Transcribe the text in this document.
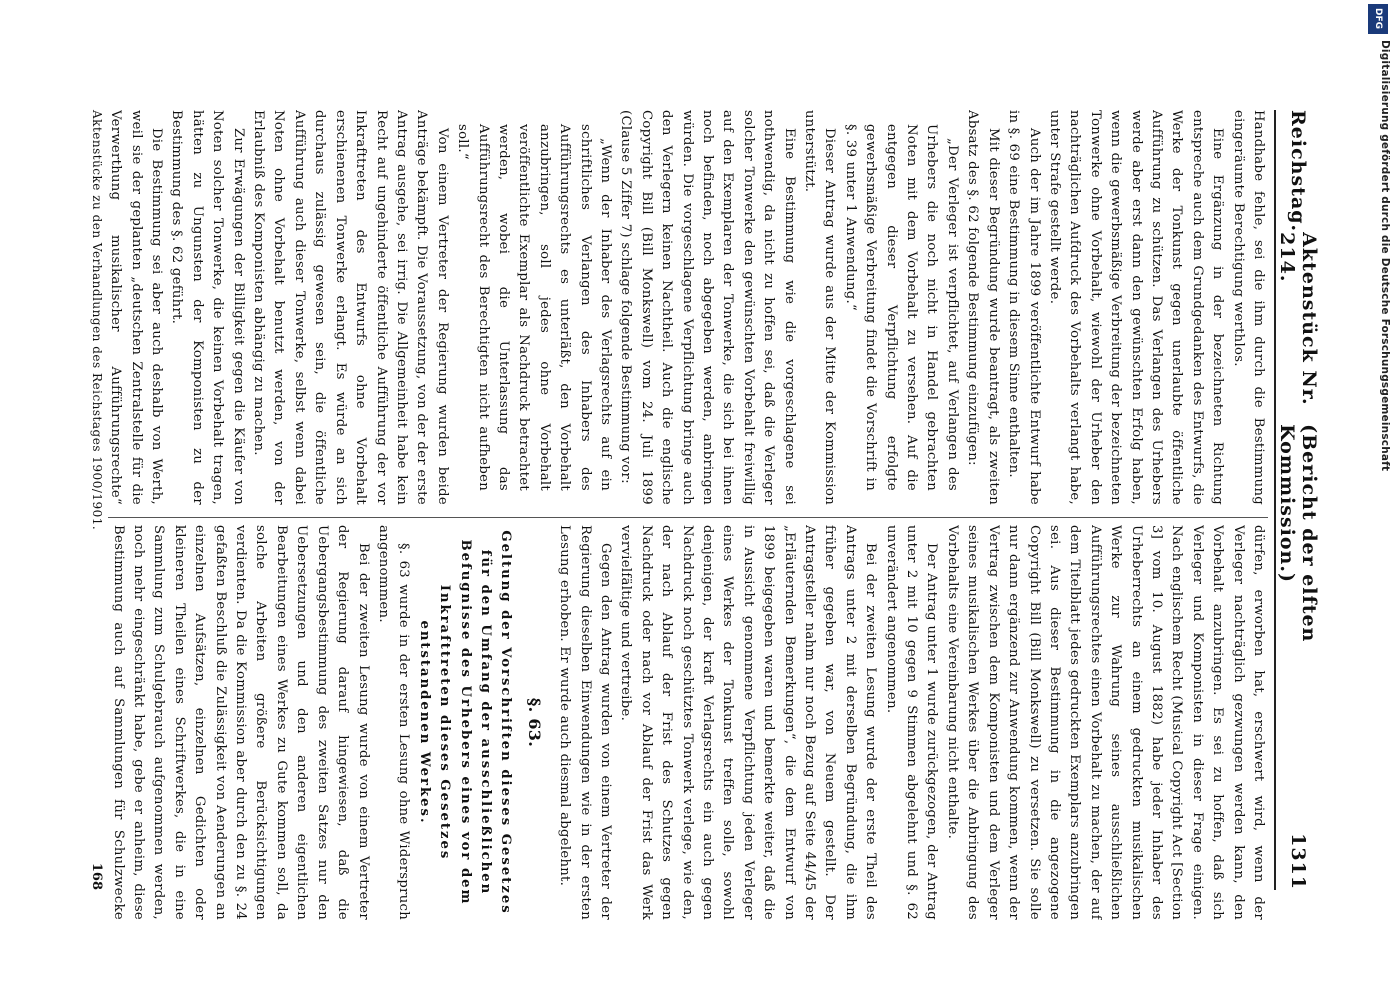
Reichstag.
Aktenstück Nr. 214.
(Bericht der elften Kommission.)
1311

Handhabe fehle, sei die ihm durch die Bestimmung eingeräumte Berechtigung werthlos.

Eine Ergänzung in der bezeichneten Richtung entspreche auch dem Grundgedanken des Entwurfs, die Werke der Tonkunst gegen unerlaubte öffentliche Aufführung zu schützen. Das Verlangen des Urhebers werde aber erst dann den gewünschten Erfolg haben, wenn die gewerbsmäßige Verbreitung der bezeichneten Tonwerke ohne Vorbehalt, wiewohl der Urheber den nachträglichen Aufdruck des Vorbehalts verlangt habe, unter Strafe gestellt werde.

Auch der im Jahre 1899 veröffentlichte Entwurf habe in §. 69 eine Bestimmung in diesem Sinne enthalten.

Mit dieser Begründung wurde beantragt, als zweiten Absatz des §. 62 folgende Bestimmung einzufügen:

„Der Verleger ist verpflichtet, auf Verlangen des Urhebers die noch nicht in Handel gebrachten Noten mit dem Vorbehalt zu versehen. Auf die entgegen dieser Verpflichtung erfolgte gewerbsmäßige Verbreitung findet die Vorschrift in §. 39 unter 1 Anwendung.“

Dieser Antrag wurde aus der Mitte der Kommission unterstützt.

Eine Bestimmung wie die vorgeschlagene sei nothwendig, da nicht zu hoffen sei, daß die Verleger solcher Tonwerke den gewünschten Vorbehalt freiwillig auf den Exemplaren der Tonwerke, die sich bei ihnen noch befinden, noch abgegeben werden, anbringen würden. Die vorgeschlagene Verpflichtung bringe auch den Verlegern keinen Nachtheil. Auch die englische Copyright Bill (Bill Monkswell) vom 24. Juli 1899 (Clause 5 Ziffer 7) schlage folgende Bestimmung vor:

„Wenn der Inhaber des Verlagsrechts auf ein schriftliches Verlangen des Inhabers des Aufführungsrechts es unterläßt, den Vorbehalt anzubringen, soll jedes ohne Vorbehalt veröffentlichte Exemplar als Nachdruck betrachtet werden, wobei die Unterlassung das Aufführungsrecht des Berechtigten nicht aufheben soll.“

Von einem Vertreter der Regierung wurden beide Anträge bekämpft. Die Voraussetzung, von der der erste Antrag ausgehe, sei irrig. Die Allgemeinheit habe kein Recht auf ungehinderte öffentliche Aufführung der vor Inkrafttreten des Entwurfs ohne Vorbehalt erschienenen Tonwerke erlangt. Es würde an sich durchaus zulässig gewesen sein, die öffentliche Aufführung auch dieser Tonwerke, selbst wenn dabei Noten ohne Vorbehalt benutzt werden, von der Erlaubniß des Komponisten abhängig zu machen.

Zur Erwägungen der Billigkeit gegen die Käufer von Noten solcher Tonwerke, die keinen Vorbehalt tragen, hätten zu Ungunsten der Komponisten zu der Bestimmung des §. 62 geführt.

Die Bestimmung sei aber auch deshalb von Werth, weil sie der geplanten „deutschen Zentralstelle für die Verwerthung musikalischer Aufführungsrechte“

dürfen, erworben hat, erschwert wird, wenn der Verleger nachträglich gezwungen werden kann, den Vorbehalt anzubringen. Es sei zu hoffen, daß sich Verleger und Komponisten in dieser Frage einigen. Nach englischem Recht (Musical Copyright Act [Section 3] vom 10. August 1882) habe jeder Inhaber des Urheberrechts an einem gedruckten musikalischen Werke zur Wahrung seines ausschließlichen Aufführungsrechtes einen Vorbehalt zu machen, der auf dem Titelblatt jedes gedruckten Exemplars anzubringen sei. Aus dieser Bestimmung in die angezogene Copyright Bill (Bill Monkswell) zu versetzen. Sie solle nur dann ergänzend zur Anwendung kommen, wenn der Vertrag zwischen dem Komponisten und dem Verleger seines musikalischen Werkes über die Anbringung des Vorbehalts eine Vereinbarung nicht enthalte.

Der Antrag unter 1 wurde zurückgezogen, der Antrag unter 2 mit 10 gegen 9 Stimmen abgelehnt und §. 62 unverändert angenommen.

Bei der zweiten Lesung wurde der erste Theil des Antrags unter 2 mit derselben Begründung, die ihm früher gegeben war, von Neuem gestellt. Der Antragsteller nahm nur noch Bezug auf Seite 44/45 der „Erläuternden Bemerkungen“, die dem Entwurf von 1899 beigegeben waren und bemerkte weiter, daß die in Aussicht genommene Verpflichtung jeden Verleger eines Werkes der Tonkunst treffen solle, sowohl denjenigen, der kraft Verlagsrechts ein auch gegen Nachdruck noch geschütztes Tonwerk verlege, wie den, der nach Ablauf der Frist des Schutzes gegen Nachdruck oder nach vor Ablauf der Frist das Werk vervielfältige und vertreibe.

Gegen den Antrag wurden von einem Vertreter der Regierung dieselben Einwendungen wie in der ersten Lesung erhoben. Er wurde auch diesmal abgelehnt.

§. 63.

Geltung der Vorschriften dieses Gesetzes für den Umfang der ausschließlichen Befugnisse des Urhebers eines vor dem Inkrafttreten dieses Gesetzes entstandenen Werkes.

§. 63 wurde in der ersten Lesung ohne Widerspruch angenommen.

Bei der zweiten Lesung wurde von einem Vertreter der Regierung darauf hingewiesen, daß die Uebergangsbestimmung des zweiten Satzes nur den Uebersetzungen und den anderen eigentlichen Bearbeitungen eines Werkes zu Gute kommen soll, da solche Arbeiten größere Berücksichtigungen verdienten. Da die Kommission aber durch den zu §. 24 gefaßten Beschluß die Zulässigkeit von Aenderungen an einzelnen Aufsätzen, einzelnen Gedichten oder kleineren Theilen eines Schriftwerkes, die in eine Sammlung zum Schulgebrauch aufgenommen werden, noch mehr eingeschränkt habe, gebe er anheim, diese Bestimmung auch auf Sammlungen für Schulzwecke

Aktenstücke zu den Verhandlungen des Reichstages 1900/1901.
168
DFG
Digitalisierung gefördert durch die Deutsche Forschungsgemeinschaft
